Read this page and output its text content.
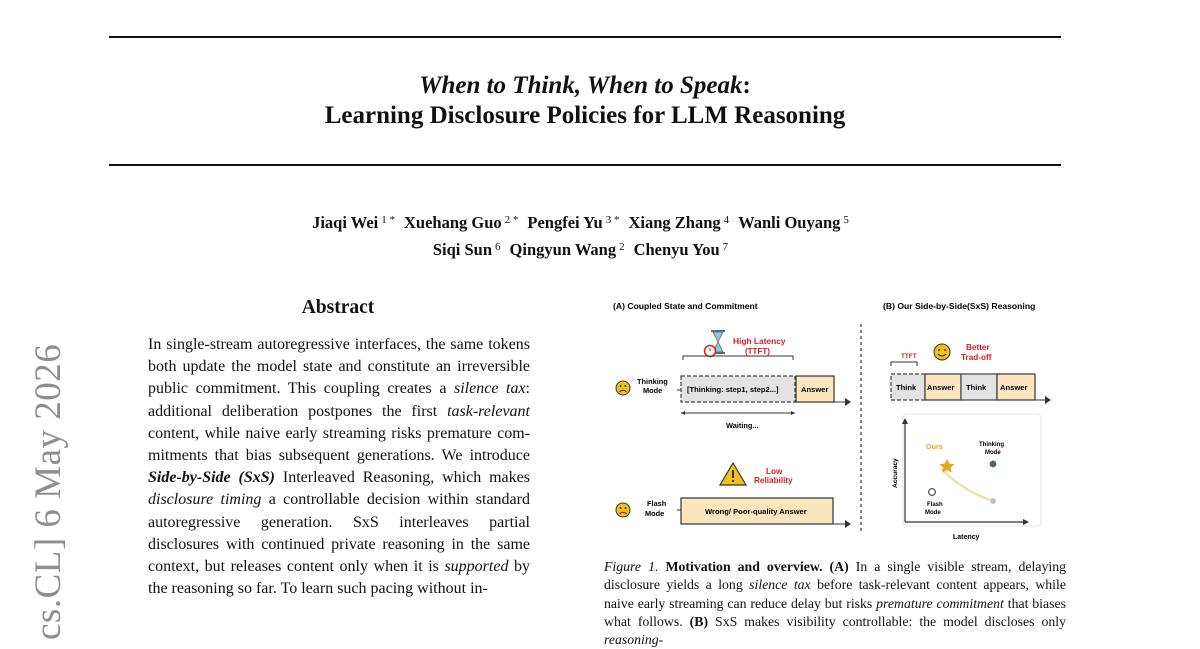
When to Think, When to Speak:
Learning Disclosure Policies for LLM Reasoning
Jiaqi Wei $^{1 *}$ Xuehang Guo $^{2 *}$ Pengfei Yu $^{3 *}$ Xiang Zhang $^4$ Wanli Ouyang $^5$
Siqi Sun $^6$ Qingyun Wang $^2$ Chenyu You $^7$
cs.CL] 6 May 2026
Abstract
In single-stream autoregressive interfaces, the same tokens both update the model state and constitute an irreversible public commitment. This coupling creates a silence tax: additional deliberation postpones the first task-relevant content, while naive early streaming risks premature commitments that bias subsequent generations. We introduce Side-by-Side (SxS) Interleaved Reasoning, which makes disclosure timing a controllable decision within standard autoregressive generation. SxS interleaves partial disclosures with continued private reasoning in the same context, but releases content only when it is supported by the reasoning so far. To learn such pacing without in-
(A) Coupled State and Commitment	(B) Our Side-by-Side(SxS) Reasoning
High Latency
(TTFT)
Thinking
Mode	[Thinking: step1, step2...]	Answer
Waiting...
Low
Reliability
Flash
Mode	Wrong/ Poor-quality Answer
TTFT
Better
Trad-off
Think Answer Think Answer
Accuracy
Latency
Ours	Thinking
Mode
Flash
Mode
Figure 1. Motivation and overview. (A) In a single visible stream, delaying disclosure yields a long silence tax before task-relevant content appears, while naive early streaming can reduce delay but risks premature commitment that biases what follows. (B) SxS makes visibility controllable: the model discloses only reasoning-
